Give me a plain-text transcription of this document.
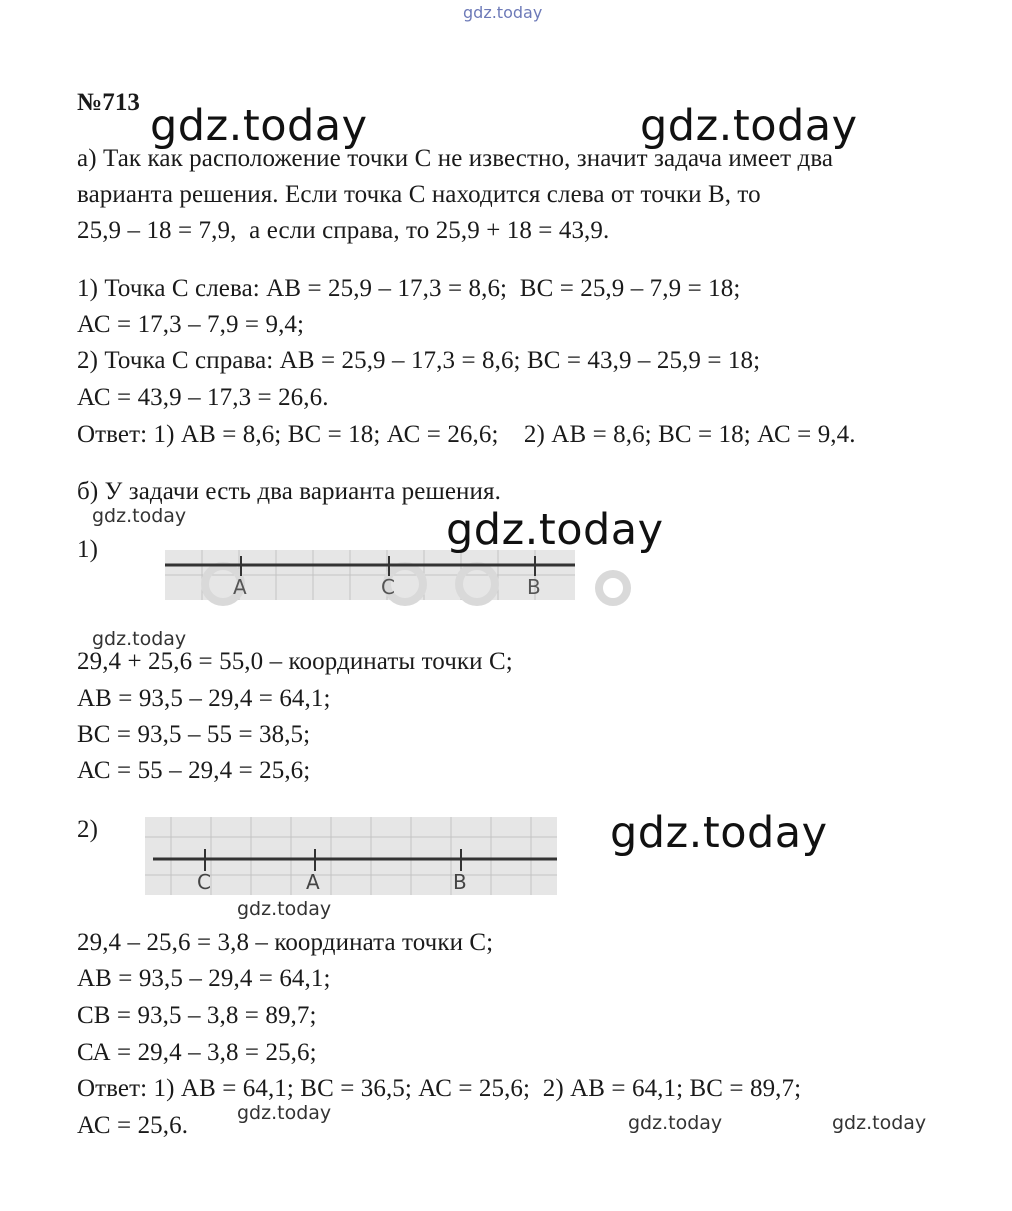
gdz.today
№713
а) Так как расположение точки С не известно, значит задача имеет два
варианта решения. Если точка С находится слева от точки В, то
25,9 – 18 = 7,9,  а если справа, то 25,9 + 18 = 43,9.
1) Точка С слева: АВ = 25,9 – 17,3 = 8,6;  ВС = 25,9 – 7,9 = 18;
АС = 17,3 – 7,9 = 9,4;
2) Точка С справа: АВ = 25,9 – 17,3 = 8,6; ВС = 43,9 – 25,9 = 18;
АС = 43,9 – 17,3 = 26,6.
Ответ: 1) АВ = 8,6; ВС = 18; АС = 26,6;    2) АВ = 8,6; ВС = 18; АС = 9,4.
б) У задачи есть два варианта решения.
1)
А	С	В
29,4 + 25,6 = 55,0 – координаты точки С;
АВ = 93,5 – 29,4 = 64,1;
ВС = 93,5 – 55 = 38,5;
АС = 55 – 29,4 = 25,6;
2)
С	А	В
29,4 – 25,6 = 3,8 – координата точки С;
АВ = 93,5 – 29,4 = 64,1;
СВ = 93,5 – 3,8 = 89,7;
СА = 29,4 – 3,8 = 25,6;
Ответ: 1) АВ = 64,1; ВС = 36,5; АС = 25,6;  2) АВ = 64,1; ВС = 89,7;
АС = 25,6.
gdz.today	gdz.today
gdz.today
gdz.today
gdz.today
gdz.today
gdz.today
gdz.today	gdz.today	gdz.today
